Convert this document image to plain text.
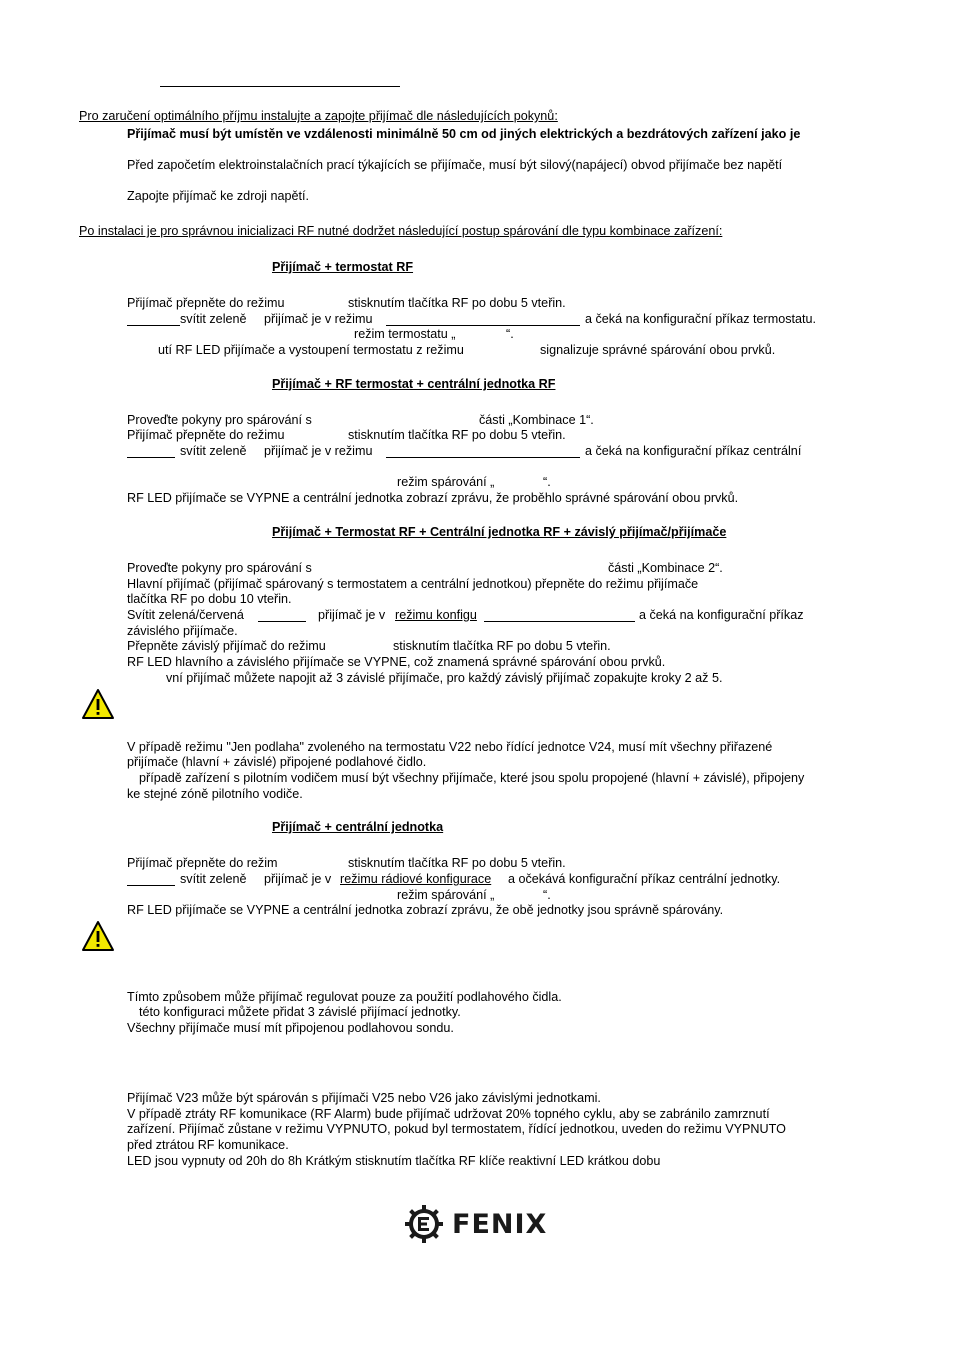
Pro zaručení optimálního příjmu instalujte a zapojte přijímač dle následujících pokynů:
Přijímač musí být umístěn ve vzdálenosti minimálně 50 cm od jiných elektrických a bezdrátových zařízení jako je
Před započetím elektroinstalačních prací týkajících se přijímače, musí být silový(napájecí) obvod přijímače bez napětí
Zapojte přijímač ke zdroji napětí.
Po instalaci je pro správnou inicializaci RF nutné dodržet následující postup spárování dle typu kombinace zařízení:
Přijímač + termostat RF
Přijímač přepněte do režimu	stisknutím tlačítka RF po dobu 5 vteřin.
svítit zeleně přijímač je v režimu	a čeká na konfigurační příkaz termostatu.
režim termostatu „	“.
utí RF LED přijímače a vystoupení termostatu z režimu	signalizuje správné spárování obou prvků.
Přijímač + RF termostat + centrální jednotka RF
Proveďte pokyny pro spárování s	části „Kombinace 1“.
Přijímač přepněte do režimu	stisknutím tlačítka RF po dobu 5 vteřin.
svítit zeleně přijímač je v režimu	a čeká na konfigurační příkaz centrální
režim spárování „	“.
RF LED přijímače se VYPNE a centrální jednotka zobrazí zprávu, že proběhlo správné spárování obou prvků.
Přijímač + Termostat RF + Centrální jednotka RF + závislý přijímač/přijímače
Proveďte pokyny pro spárování s	části „Kombinace 2“.
Hlavní přijímač (přijímač spárovaný s termostatem a centrální jednotkou) přepněte do režimu přijímače
tlačítka RF po dobu 10 vteřin.
Svítit zelená/červená	přijímač je v režimu konfigu	a čeká na konfigurační příkaz
závislého přijímače.
Přepněte závislý přijímač do režimu	stisknutím tlačítka RF po dobu 5 vteřin.
RF LED hlavního a závislého přijímače se VYPNE, což znamená správné spárování obou prvků.
vní přijímač můžete napojit až 3 závislé přijímače, pro každý závislý přijímač zopakujte kroky 2 až 5.
V případě režimu "Jen podlaha" zvoleného na termostatu V22 nebo řídící jednotce V24, musí mít všechny přiřazené
přijímače (hlavní + závislé) připojené podlahové čidlo.
případě zařízení s pilotním vodičem musí být všechny přijímače, které jsou spolu propojené (hlavní + závislé), připojeny
ke stejné zóně pilotního vodiče.
Přijímač + centrální jednotka
Přijímač přepněte do režim	stisknutím tlačítka RF po dobu 5 vteřin.
svítit zeleně přijímač je v režimu rádiové konfigurace a očekává konfigurační příkaz centrální jednotky.
režim spárování „	“.
RF LED přijímače se VYPNE a centrální jednotka zobrazí zprávu, že obě jednotky jsou správně spárovány.
Tímto způsobem může přijímač regulovat pouze za použití podlahového čidla.
této konfiguraci můžete přidat 3 závislé přijímací jednotky.
Všechny přijímače musí mít připojenou podlahovou sondu.
Přijímač V23 může být spárován s přijímači V25 nebo V26 jako závislými jednotkami.
V případě ztráty RF komunikace (RF Alarm) bude přijímač udržovat 20% topného cyklu, aby se zabránilo zamrznutí
zařízení. Přijímač zůstane v režimu VYPNUTO, pokud byl termostatem, řídící jednotkou, uveden do režimu VYPNUTO
před ztrátou RF komunikace.
LED jsou vypnuty od 20h do 8h Krátkým stisknutím tlačítka RF klíče reaktivní LED krátkou dobu
FENIX
